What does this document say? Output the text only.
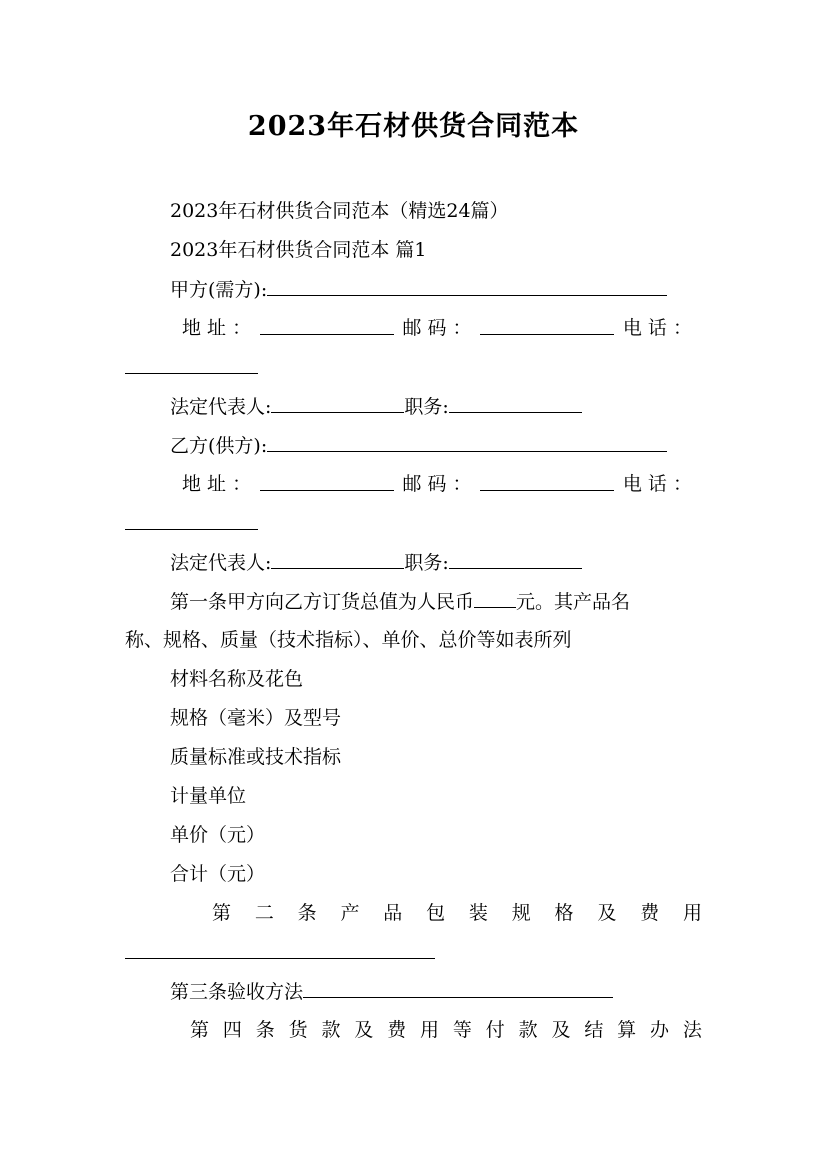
2023年石材供货合同范本
2023年石材供货合同范本（精选24篇）
2023年石材供货合同范本 篇1
甲方(需方):
地 址 ：	邮 码 ：	电 话 ：
法定代表人:	职务:
乙方(供方):
地 址 ：	邮 码 ：	电 话 ：
法定代表人:	职务:
第一条甲方向乙方订货总值为人民币 元。其产品名
称、规格、质量（技术指标）、单价、总价等如表所列
材料名称及花色
规格（毫米）及型号
质量标准或技术指标
计量单位
单价（元）
合计（元）
第 二 条 产 品 包 装 规 格 及 费 用
第三条验收方法
第 四 条 货 款 及 费 用 等 付 款 及 结 算 办 法
